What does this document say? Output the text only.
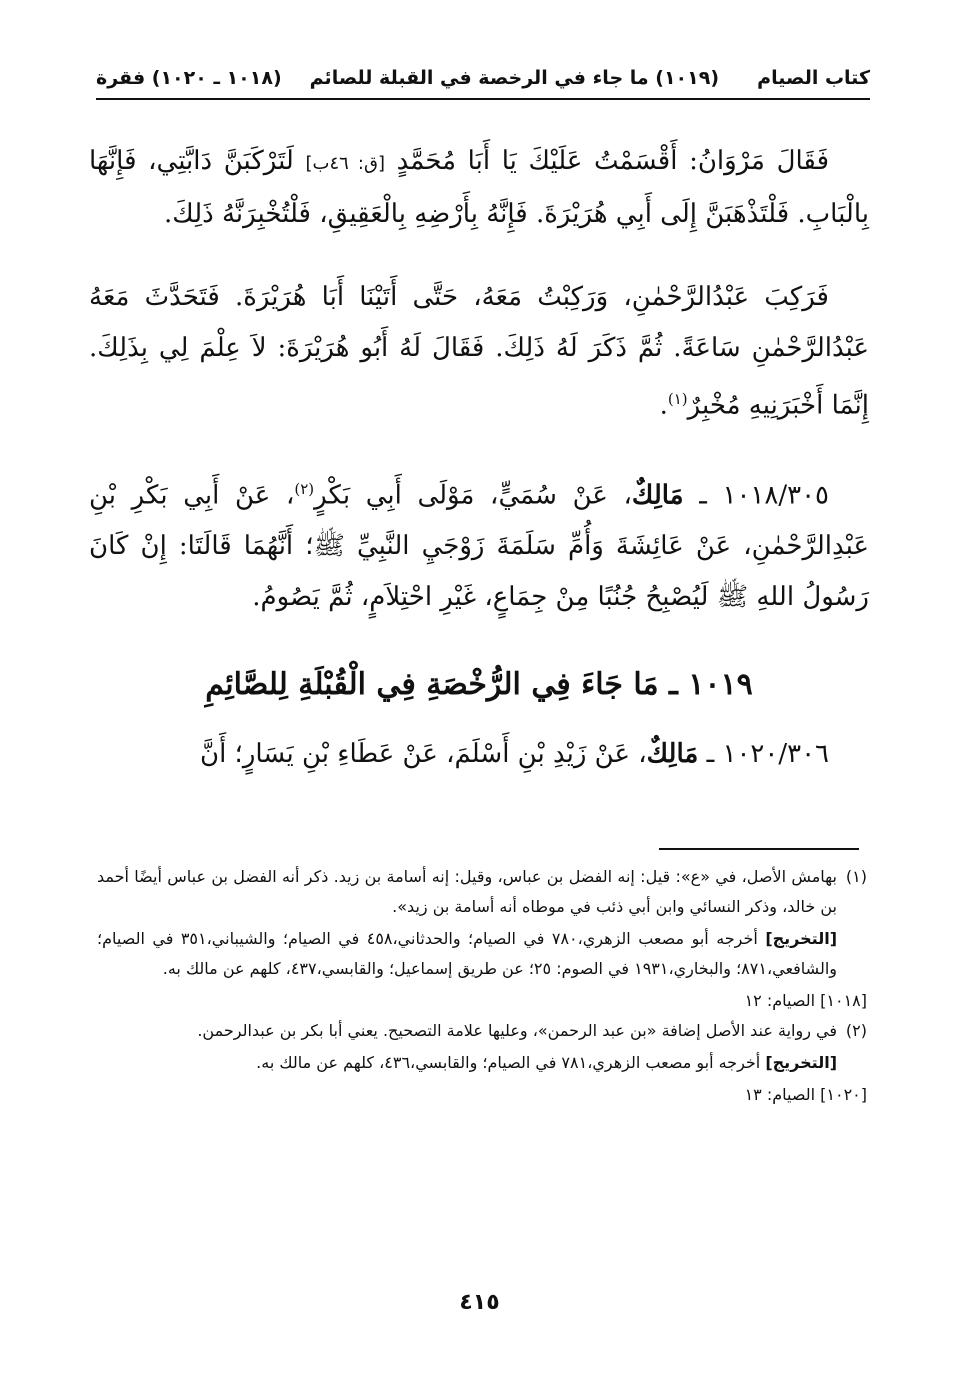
كتاب الصيام
(١٠١٩) ما جاء في الرخصة في القبلة للصائم
(١٠١٨ ـ ١٠٢٠) فقرة

فَقَالَ مَرْوَانُ: أَقْسَمْتُ عَلَيْكَ يَا أَبَا مُحَمَّدٍ [ق: ٤٦ب] لَتَرْكَبَنَّ دَابَّتِي، فَإِنَّهَا بِالْبَابِ. فَلْتَذْهَبَنَّ إِلَى أَبِي هُرَيْرَةَ. فَإِنَّهُ بِأَرْضِهِ بِالْعَقِيقِ، فَلْتُخْبِرَنَّهُ ذَلِكَ.

فَرَكِبَ عَبْدُالرَّحْمٰنِ، وَرَكِبْتُ مَعَهُ، حَتَّى أَتَيْنَا أَبَا هُرَيْرَةَ. فَتَحَدَّثَ مَعَهُ عَبْدُالرَّحْمٰنِ سَاعَةً. ثُمَّ ذَكَرَ لَهُ ذَلِكَ. فَقَالَ لَهُ أَبُو هُرَيْرَةَ: لاَ عِلْمَ لِي بِذَلِكَ. إِنَّمَا أَخْبَرَنِيهِ مُخْبِرٌ$^{(١)}$.

١٠١٨/٣٠٥ ـ مَالِكٌ، عَنْ سُمَيٍّ، مَوْلَى أَبِي بَكْرٍ$^{(٢)}$، عَنْ أَبِي بَكْرِ بْنِ عَبْدِالرَّحْمٰنِ، عَنْ عَائِشَةَ وَأُمِّ سَلَمَةَ زَوْجَيِ النَّبِيِّ ﷺ؛ أَنَّهُمَا قَالَتَا: إِنْ كَانَ رَسُولُ اللهِ ﷺ لَيُصْبِحُ جُنُبًا مِنْ جِمَاعٍ، غَيْرِ احْتِلاَمٍ، ثُمَّ يَصُومُ.

١٠١٩ ـ مَا جَاءَ فِي الرُّخْصَةِ فِي الْقُبْلَةِ لِلصَّائِمِ

١٠٢٠/٣٠٦ ـ مَالِكٌ، عَنْ زَيْدِ بْنِ أَسْلَمَ، عَنْ عَطَاءِ بْنِ يَسَارٍ؛ أَنَّ

(١)
بهامش الأصل، في «ع»: قيل: إنه الفضل بن عباس، وقيل: إنه أسامة بن زيد. ذكر أنه الفضل بن عباس أيضًا أحمد بن خالد، وذكر النسائي وابن أبي ذئب في موطاه أنه أسامة بن زيد».
[التخريج] أخرجه أبو مصعب الزهري،٧٨٠ في الصيام؛ والحدثاني،٤٥٨ في الصيام؛ والشيباني،٣٥١ في الصيام؛ والشافعي،٨٧١؛ والبخاري،١٩٣١ في الصوم: ٢٥؛ عن طريق إسماعيل؛ والقابسي،٤٣٧، كلهم عن مالك به.
[١٠١٨] الصيام: ١٢
(٢)
في رواية عند الأصل إضافة «بن عبد الرحمن»، وعليها علامة التصحيح. يعني أبا بكر بن عبدالرحمن.
[التخريج] أخرجه أبو مصعب الزهري،٧٨١ في الصيام؛ والقابسي،٤٣٦، كلهم عن مالك به.
[١٠٢٠] الصيام: ١٣
٤١٥
